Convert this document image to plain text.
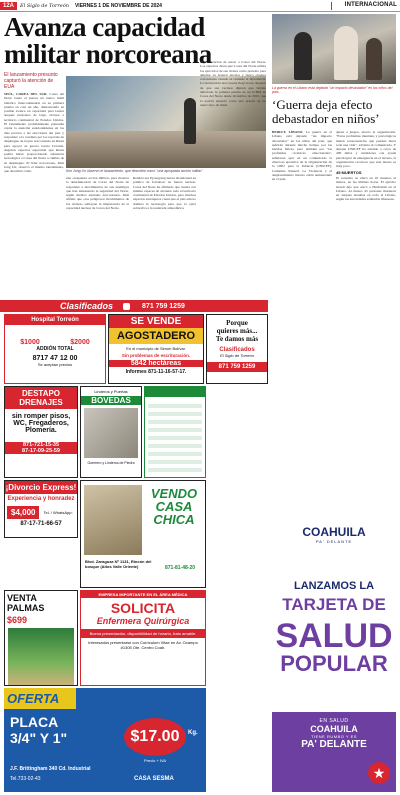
12A	El Siglo de Torreón VIERNES 1 DE NOVIEMBRE DE 2024	INTERNACIONAL
Avanza capacidad militar norcoreana
El lanzamiento presunto capturó la atención de EUA
SEÚL, COREA DEL SUR. Corea del Norte lanzó el jueves un nuevo misil balístico intercontinental en su primera prueba en casi un año, demostrando su posible avance en capacidad para lanzar ataques nucleares de largo alcance a territorio continental de Estados Unidos. El lanzamiento probablemente pretendía captar la atención estadounidense en los días previos a las elecciones del país y responder a la condena por los reportes de despliegue de tropas norcoreanas en Rusia para apoyar su guerra contra Ucrania. Algunos expertos especulan que Rusia podría haber proporcionado asistencia tecnológica a Corea del Norte a cambio de su despliegue. El líder norcoreano, Kim Jong Un, observó el mismo lanzamiento, que describió como	Kim Jong Un observó el lanzamiento, que describió como "una apropiada acción militar".
una «respuesta acción militar» para mostrar la determinación de Corea del Norte de responder a movimientos de sus enemigos que han amenazado la seguridad del Norte, según medios estatales norcoreanos. Kim afirmó que «los peligrosos movimientos de los rivales» subrayan la importancia de la capacidad nuclear de Corea del Norte.
Realizó esa Pyongyang nunca abandonará su política de fortalecer su fuerza nuclear. Corea del Norte ha afirmado que cuenta con misiles capaces de alcanzar todo el territorio continental de Estados Unidos, pero muchos expertos extranjeros creen que el país aún no domina la tecnología para que la ojiva sobreviva a la reentrada atmosférica.
tiene intención de atacar a Corea del Norte. Los expertos dicen que Corea del Norte utiliza los ejercicios de sus rivales como pretexto para ampliar su arsenal nuclear y busca obtener concesiones cuando se reanude la diplomacia. La declaración norcoreana llegó horas después de que sus vecinos dijeran que habían detectado la primera prueba de un ICBM de Corea del Norte desde diciembre de 2023, que la nación anunció como una prueba de un nuevo tipo de misil.
La guerra en el Líbano está dejando "un impacto devastador" en los niños del país.
‘Guerra deja efecto debastador en niños’
BEIRUT, LÍBANO. La guerra en el Líbano está dejando "un impacto devastador" en los niños del país, que sufrirán durante mucho tiempo por las heridas físicas, pero también por "las profundas cicatrices emocionales", señalaron ayer en un comunicado la directora ejecutiva de la Organización de la ONU para la Infancia (UNICEF), Catherine Russell. La Violencia y el desplazamiento masivo están aumentando en el país.
ajuste a juegos, ahorro la organización. "Estos problemas mentales y psicológicos tienen consecuencias que pueden durar toda una vida", advierte el comunicado. Y aunque UNICEF ha asistido a cerca de 400 niños y cuidadores con ayuda psicológica de emergencia en el terreno, la organización reconoce que este monto es muy poco.
45 MUERTOS
El recuento se ubica en 45 muertos al menos, en las últimas horas. El ejército israelí dijo que atacó a Hezbollah en el Líbano. Al menos 45 personas murieron en ataques israelíes en todo el Líbano, según las autoridades sanitarias libanesas.
Clasificados	871 759 1259
Hospital Torreón
$1000	$2000
ADDIÓN TOTAL
8717 47 12 00
Se aceptan precios
SE VENDE
AGOSTADERO
En el municipio de Simón Bolívar.
Sin problemas de escrituración.
5842 hectáreas
Informes 871-11-16-57-17.
Porque
quieres más...
Te damos más
Clasificados
El Siglo de Torreón
871 759 1259
DESTAPO DRENAJES
sin romper pisos, WC, Fregaderos, Plomería.
871-721-15-35
87-17-09-25-59
Linderos y Puertas
BOVEDAS
Guerrero y Linderos de Piedra
¡Divorcio Express!
Experiencia y honradez
$4,000	Tel. / WhatsApp:
87-17-71-66-57
VENDO
CASA
CHICA
Blvd. Zaragoza Nº 1131, Rincón del bosque (Altos Valle Oriente)	871-81-48-20
VENTA PALMAS
$699
EMPRESA IMPORTANTE EN EL ÁREA MÉDICA
SOLICITA
Enfermera Quirúrgica
Buena presentación, disponibilidad de horario, trato amable.
Interesados presentarse con Currículum Vitae en Av. Ocampo #1305 Ote. Centro Coah.
OFERTA
PLACA
3/4" Y 1"	$17.00	Kg.
Precio + IVA
J.F. Brittingham 340 Cd. Industrial
Tel.733-02-43	CASA SESMA
COAHUILA
PA' DELANTE
LANZAMOS LA
TARJETA DE
SALUD
POPULAR
EN SALUD
COAHUILA
TIENE RUMBO Y ES
PA' DELANTE
★
